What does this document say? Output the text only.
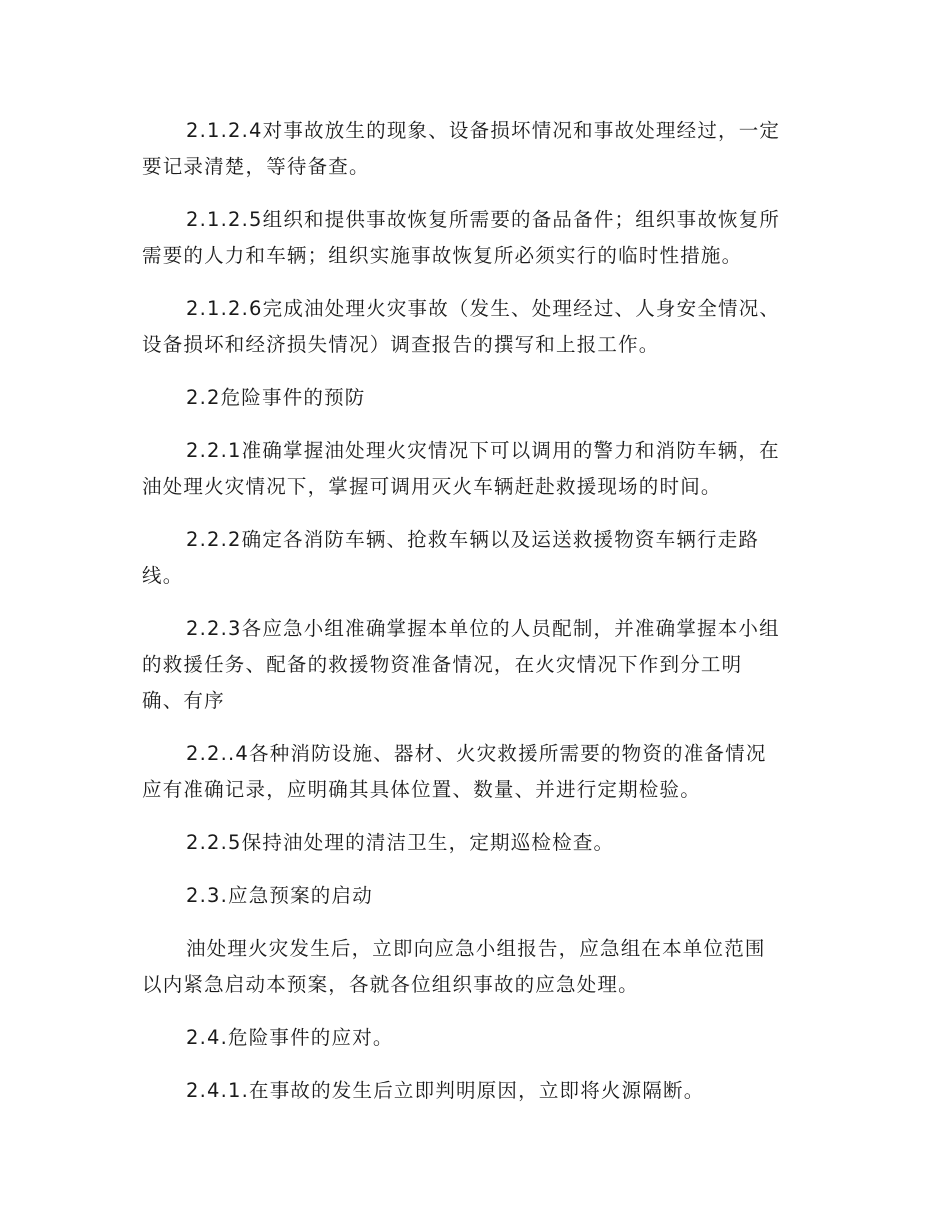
2.1.2.4对事故放生的现象、设备损坏情况和事故处理经过，一定
要记录清楚，等待备查。
2.1.2.5组织和提供事故恢复所需要的备品备件；组织事故恢复所
需要的人力和车辆；组织实施事故恢复所必须实行的临时性措施。
2.1.2.6完成油处理火灾事故（发生、处理经过、人身安全情况、
设备损坏和经济损失情况）调查报告的撰写和上报工作。
2.2危险事件的预防
2.2.1准确掌握油处理火灾情况下可以调用的警力和消防车辆，在
油处理火灾情况下，掌握可调用灭火车辆赶赴救援现场的时间。
2.2.2确定各消防车辆、抢救车辆以及运送救援物资车辆行走路
线。
2.2.3各应急小组准确掌握本单位的人员配制，并准确掌握本小组
的救援任务、配备的救援物资准备情况，在火灾情况下作到分工明
确、有序
2.2..4各种消防设施、器材、火灾救援所需要的物资的准备情况
应有准确记录，应明确其具体位置、数量、并进行定期检验。
2.2.5保持油处理的清洁卫生，定期巡检检查。
2.3.应急预案的启动
油处理火灾发生后，立即向应急小组报告，应急组在本单位范围
以内紧急启动本预案，各就各位组织事故的应急处理。
2.4.危险事件的应对。
2.4.1.在事故的发生后立即判明原因，立即将火源隔断。
